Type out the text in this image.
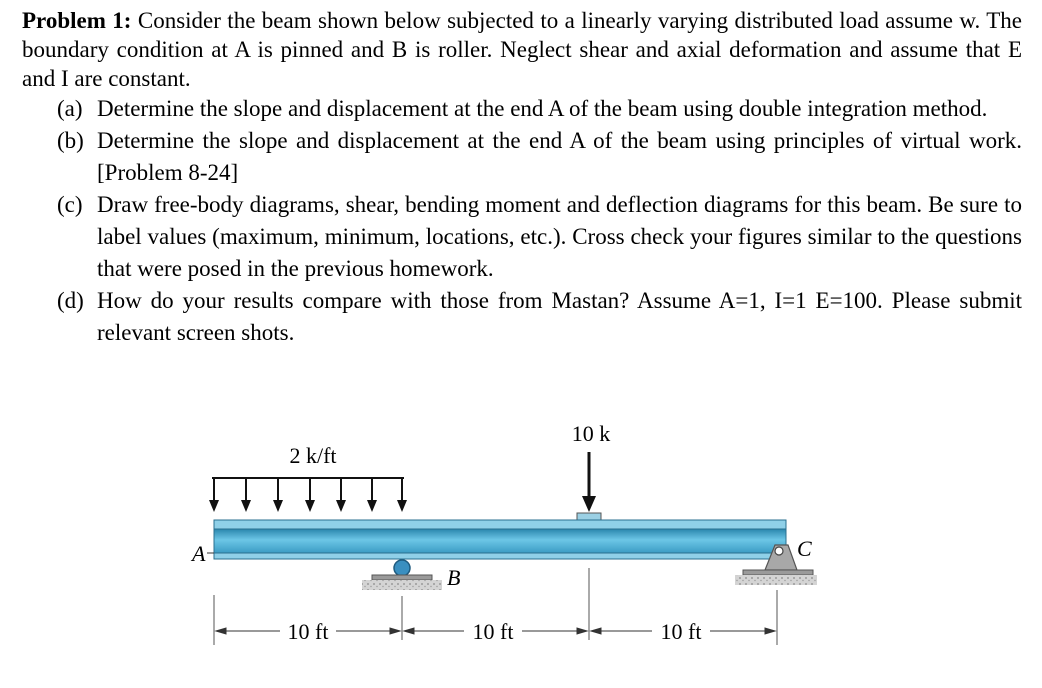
Problem 1: Consider the beam shown below subjected to a linearly varying distributed load assume w. The boundary condition at A is pinned and B is roller. Neglect shear and axial deformation and assume that E and I are constant.

(a) Determine the slope and displacement at the end A of the beam using double integration method.

(b) Determine the slope and displacement at the end A of the beam using principles of virtual work. [Problem 8-24]

(c) Draw free-body diagrams, shear, bending moment and deflection diagrams for this beam. Be sure to label values (maximum, minimum, locations, etc.). Cross check your figures similar to the questions that were posed in the previous homework.

(d) How do your results compare with those from Mastan? Assume A=1, I=1 E=100. Please submit relevant screen shots.

2 k/ft
10 k
A
B
C
10 ft	10 ft	10 ft
